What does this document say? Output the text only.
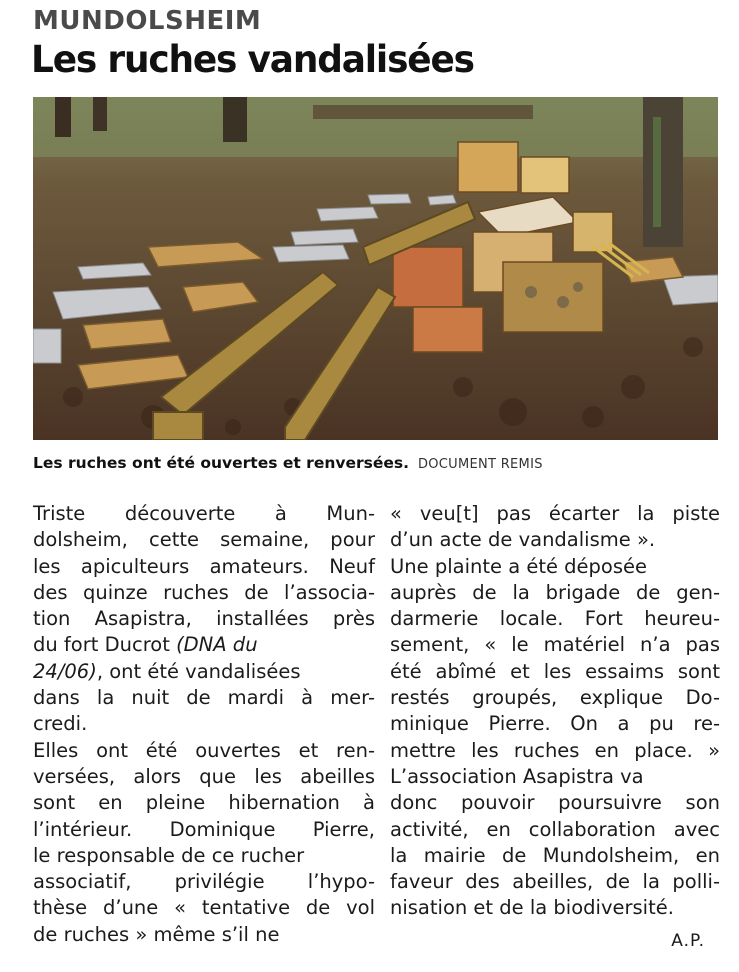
MUNDOLSHEIM
Les ruches vandalisées

Les ruches ont été ouvertes et renversées. DOCUMENT REMIS

Triste découverte à Mun-
dolsheim, cette semaine, pour
les apiculteurs amateurs. Neuf
des quinze ruches de l’associa-
tion Asapistra, installées près
du fort Ducrot (DNA du
24/06), ont été vandalisées
dans la nuit de mardi à mer-
credi.
Elles ont été ouvertes et ren-
versées, alors que les abeilles
sont en pleine hibernation à
l’intérieur. Dominique Pierre,
le responsable de ce rucher
associatif, privilégie l’hypo-
thèse d’une « tentative de vol
de ruches » même s’il ne
« veu[t] pas écarter la piste
d’un acte de vandalisme ».
Une plainte a été déposée
auprès de la brigade de gen-
darmerie locale. Fort heureu-
sement, « le matériel n’a pas
été abîmé et les essaims sont
restés groupés, explique Do-
minique Pierre. On a pu re-
mettre les ruches en place. »
L’association Asapistra va
donc pouvoir poursuivre son
activité, en collaboration avec
la mairie de Mundolsheim, en
faveur des abeilles, de la polli-
nisation et de la biodiversité.

A.P.
